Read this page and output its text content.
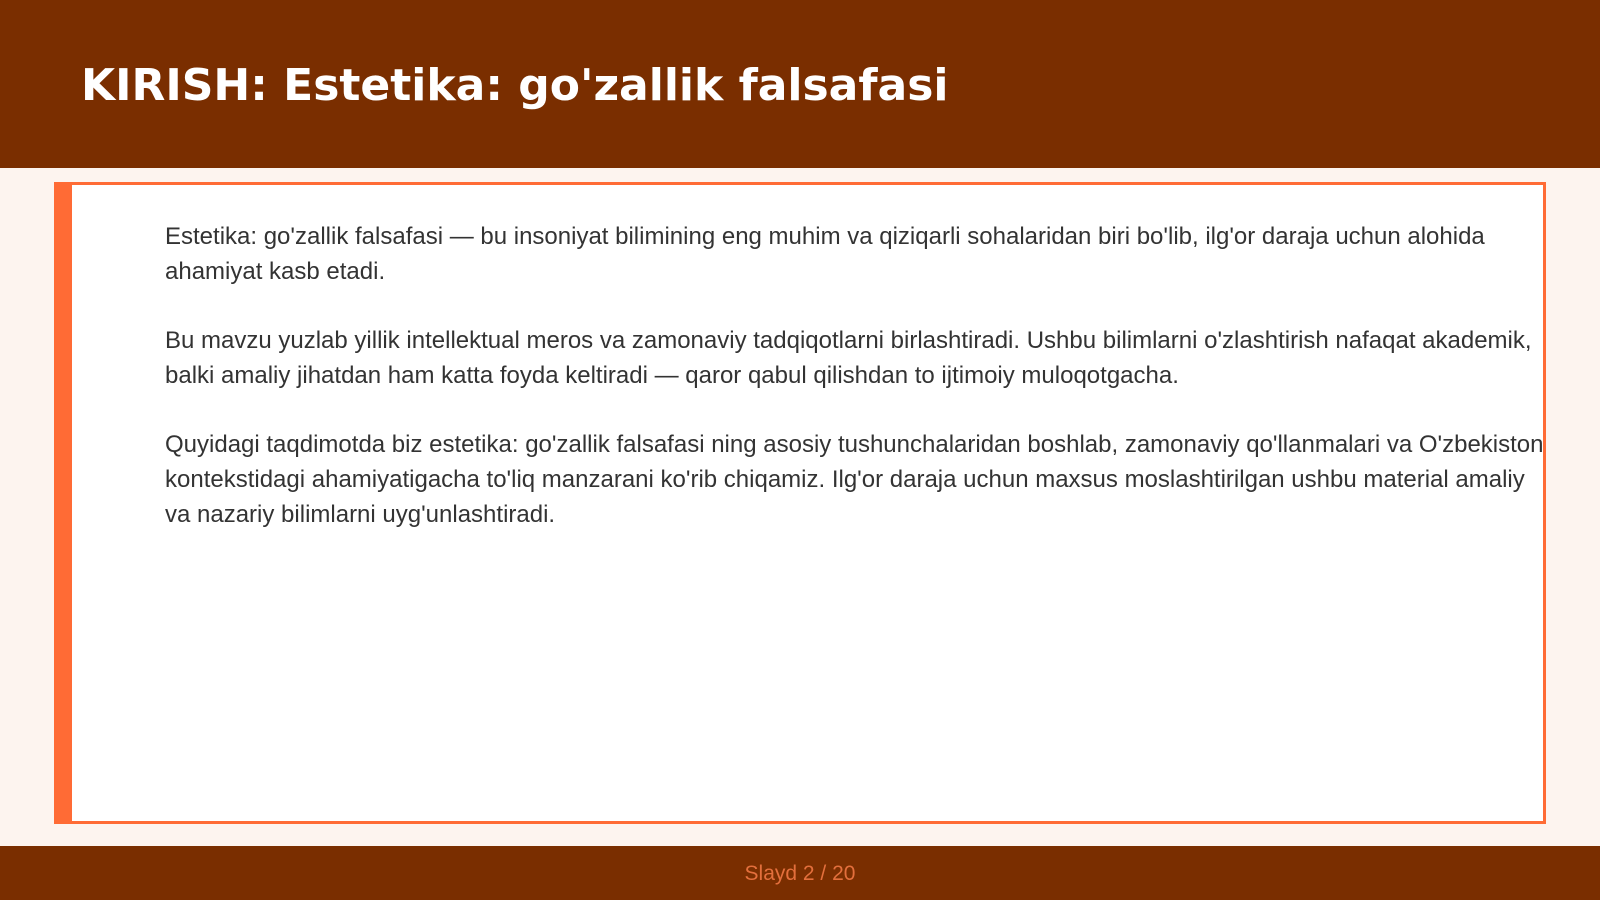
KIRISH: Estetika: go'zallik falsafasi

Estetika: go'zallik falsafasi — bu insoniyat bilimining eng muhim va qiziqarli sohalaridan biri bo'lib, ilg'or daraja uchun alohida ahamiyat kasb etadi.

Bu mavzu yuzlab yillik intellektual meros va zamonaviy tadqiqotlarni birlashtiradi. Ushbu bilimlarni o'zlashtirish nafaqat akademik, balki amaliy jihatdan ham katta foyda keltiradi — qaror qabul qilishdan to ijtimoiy muloqotgacha.

Quyidagi taqdimotda biz estetika: go'zallik falsafasi ning asosiy tushunchalaridan boshlab, zamonaviy qo'llanmalari va O'zbekiston kontekstidagi ahamiyatigacha to'liq manzarani ko'rib chiqamiz. Ilg'or daraja uchun maxsus moslashtirilgan ushbu material amaliy va nazariy bilimlarni uyg'unlashtiradi.

Slayd 2 / 20
